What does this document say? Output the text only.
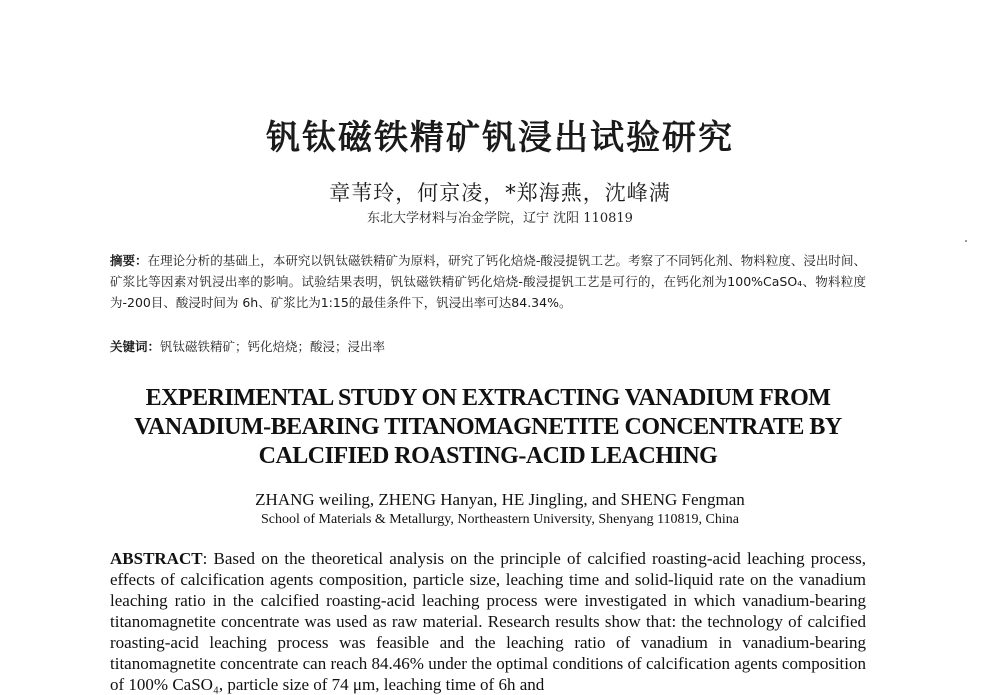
钒钛磁铁精矿钒浸出试验研究
章苇玲，何京凌，*郑海燕，沈峰满
东北大学材料与冶金学院，辽宁 沈阳 110819
摘要：在理论分析的基础上，本研究以钒钛磁铁精矿为原料，研究了钙化焙烧-酸浸提钒工艺。考察了不同钙化剂、物料粒度、浸出时间、矿浆比等因素对钒浸出率的影响。试验结果表明，钒钛磁铁精矿钙化焙烧-酸浸提钒工艺是可行的，在钙化剂为100%CaSO₄、物料粒度为-200目、酸浸时间为 6h、矿浆比为1:15的最佳条件下，钒浸出率可达84.34%。
关键词：钒钛磁铁精矿；钙化焙烧；酸浸；浸出率
EXPERIMENTAL STUDY ON EXTRACTING VANADIUM FROM VANADIUM-BEARING TITANOMAGNETITE CONCENTRATE BY CALCIFIED ROASTING-ACID LEACHING
ZHANG weiling, ZHENG Hanyan, HE Jingling, and SHENG Fengman
School of Materials & Metallurgy, Northeastern University, Shenyang 110819, China
ABSTRACT: Based on the theoretical analysis on the principle of calcified roasting-acid leaching process, effects of calcification agents composition, particle size, leaching time and solid-liquid rate on the vanadium leaching ratio in the calcified roasting-acid leaching process were investigated in which vanadium-bearing titanomagnetite concentrate was used as raw material. Research results show that: the technology of calcified roasting-acid leaching process was feasible and the leaching ratio of vanadium in vanadium-bearing titanomagnetite concentrate can reach 84.46% under the optimal conditions of calcification agents composition of 100% CaSO₄, particle size of 74 μm, leaching time of 6h and
